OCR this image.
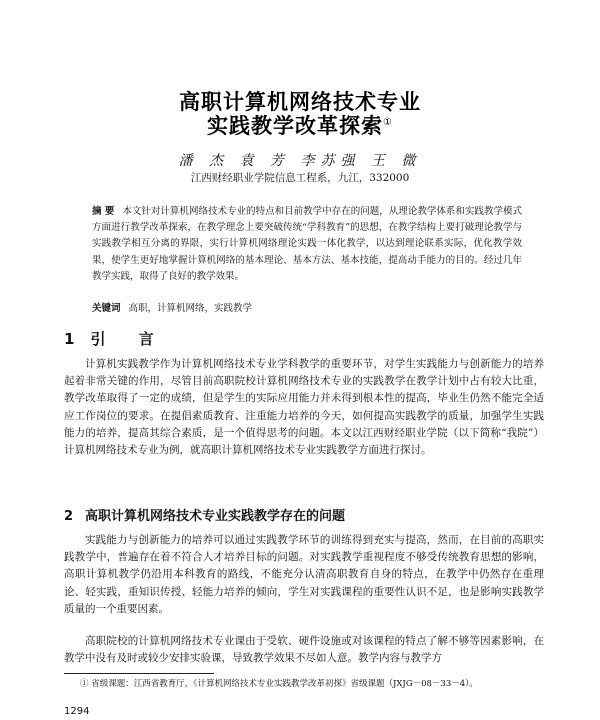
高职计算机网络技术专业
实践教学改革探索①
潘 杰 袁 芳 李苏强 王 微
江西财经职业学院信息工程系，九江，332000
摘 要 本文针对计算机网络技术专业的特点和目前教学中存在的问题，从理论教学体系和实践教学模式方面进行教学改革探索，在教学理念上要突破传统“学科教育”的思想，在教学结构上要打破理论教学与实践教学相互分离的界限，实行计算机网络理论实践一体化教学，以达到理论联系实际，优化教学效果，使学生更好地掌握计算机网络的基本理论、基本方法、基本技能，提高动手能力的目的。经过几年教学实践，取得了良好的教学效果。
关键词 高职，计算机网络，实践教学
1 引 言
计算机实践教学作为计算机网络技术专业学科教学的重要环节，对学生实践能力与创新能力的培养起着非常关键的作用，尽管目前高职院校计算机网络技术专业的实践教学在教学计划中占有较大比重，教学改革取得了一定的成绩，但是学生的实际应用能力并未得到根本性的提高，毕业生仍然不能完全适应工作岗位的要求。在提倡素质教育、注重能力培养的今天，如何提高实践教学的质量，加强学生实践能力的培养，提高其综合素质，是一个值得思考的问题。本文以江西财经职业学院（以下简称“我院”）计算机网络技术专业为例，就高职计算机网络技术专业实践教学方面进行探讨。
2 高职计算机网络技术专业实践教学存在的问题
实践能力与创新能力的培养可以通过实践教学环节的训练得到充实与提高，然而，在目前的高职实践教学中，普遍存在着不符合人才培养目标的问题。对实践教学重视程度不够受传统教育思想的影响，高职计算机教学仍沿用本科教育的路线，不能充分认清高职教育自身的特点，在教学中仍然存在重理论、轻实践，重知识传授、轻能力培养的倾向，学生对实践课程的重要性认识不足，也是影响实践教学质量的一个重要因素。
高职院校的计算机网络技术专业课由于受软、硬件设施或对该课程的特点了解不够等因素影响，在教学中没有及时或较少安排实验课，导致教学效果不尽如人意。教学内容与教学方
① 省级课题：江西省教育厅，《计算机网络技术专业实践教学改革初探》省级课题（JXJG－08－33－4）。
1294
